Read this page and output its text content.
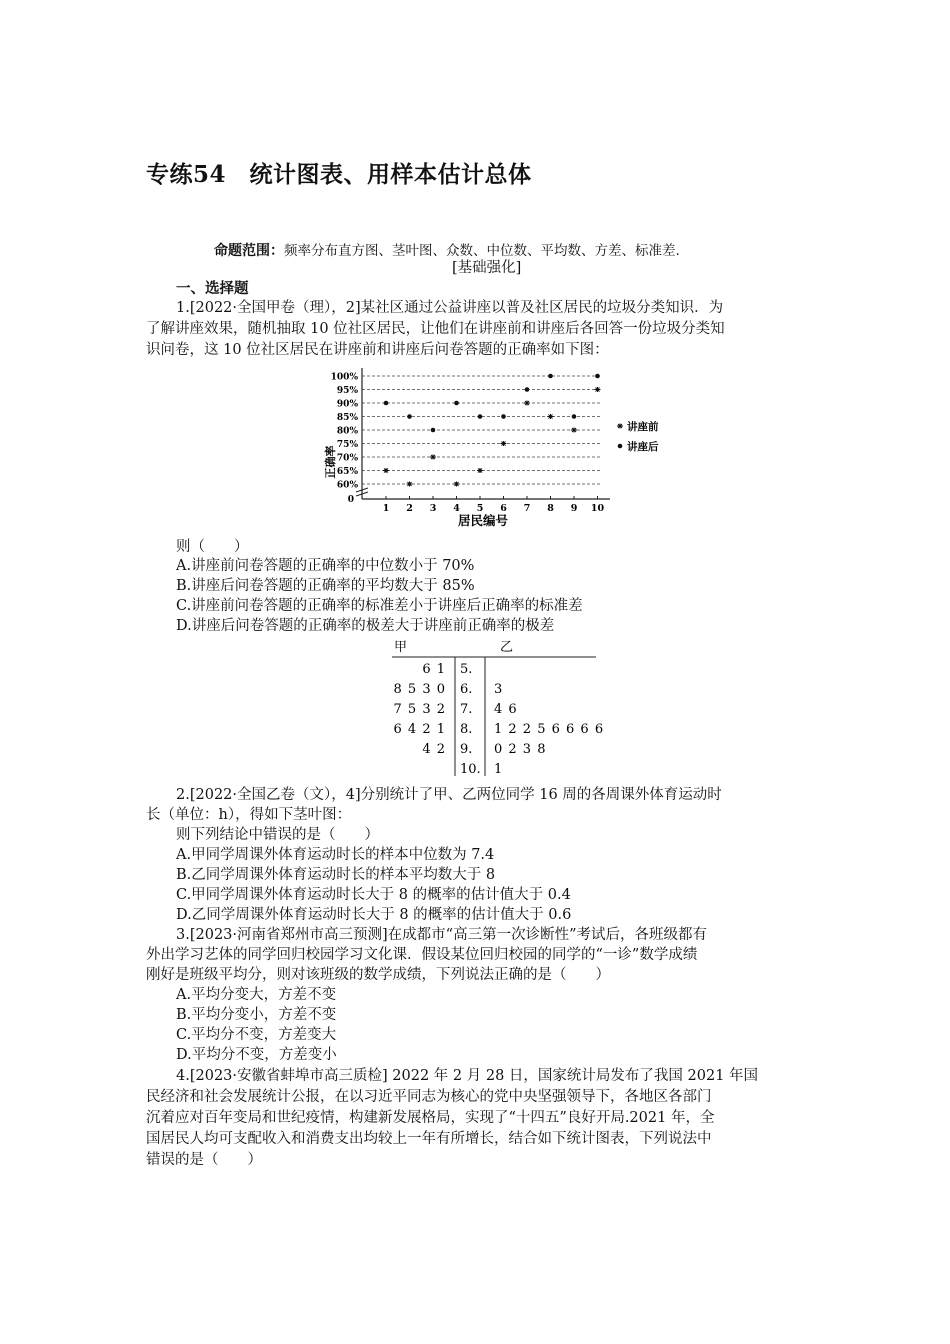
专练54　统计图表、用样本估计总体
命题范围：频率分布直方图、茎叶图、众数、中位数、平均数、方差、标准差.
[基础强化]
一、选择题
1.[2022·全国甲卷（理），2]某社区通过公益讲座以普及社区居民的垃圾分类知识．为
了解讲座效果，随机抽取 10 位社区居民，让他们在讲座前和讲座后各回答一份垃圾分类知
识问卷，这 10 位社区居民在讲座前和讲座后问卷答题的正确率如下图：
60%
65%
70%
75%
80%
85%
90%
95%
100%
0
1 2 3 4 5 6 7 8 9 10
讲座前
讲座后
正确率
居民编号
则（　　）
A.讲座前问卷答题的正确率的中位数小于 70%
B.讲座后问卷答题的正确率的平均数大于 85%
C.讲座前问卷答题的正确率的标准差小于讲座后正确率的标准差
D.讲座后问卷答题的正确率的极差大于讲座前正确率的极差
甲	乙
6 1 5.
8 5 3 0 6. 3
7 5 3 2 7. 4 6
6 4 2 1 8. 1 2 2 5 6 6 6 6
4 2 9. 0 2 3 8
10. 1
2.[2022·全国乙卷（文），4]分别统计了甲、乙两位同学 16 周的各周课外体育运动时
长（单位：h），得如下茎叶图：
则下列结论中错误的是（　　）
A.甲同学周课外体育运动时长的样本中位数为 7.4
B.乙同学周课外体育运动时长的样本平均数大于 8
C.甲同学周课外体育运动时长大于 8 的概率的估计值大于 0.4
D.乙同学周课外体育运动时长大于 8 的概率的估计值大于 0.6
3.[2023·河南省郑州市高三预测]在成都市“高三第一次诊断性”考试后，各班级都有
外出学习艺体的同学回归校园学习文化课．假设某位回归校园的同学的“一诊”数学成绩
刚好是班级平均分，则对该班级的数学成绩，下列说法正确的是（　　）
A.平均分变大，方差不变
B.平均分变小，方差不变
C.平均分不变，方差变大
D.平均分不变，方差变小
4.[2023·安徽省蚌埠市高三质检] 2022 年 2 月 28 日，国家统计局发布了我国 2021 年国
民经济和社会发展统计公报，在以习近平同志为核心的党中央坚强领导下，各地区各部门
沉着应对百年变局和世纪疫情，构建新发展格局，实现了“十四五”良好开局.2021 年，全
国居民人均可支配收入和消费支出均较上一年有所增长，结合如下统计图表，下列说法中
错误的是（　　）
